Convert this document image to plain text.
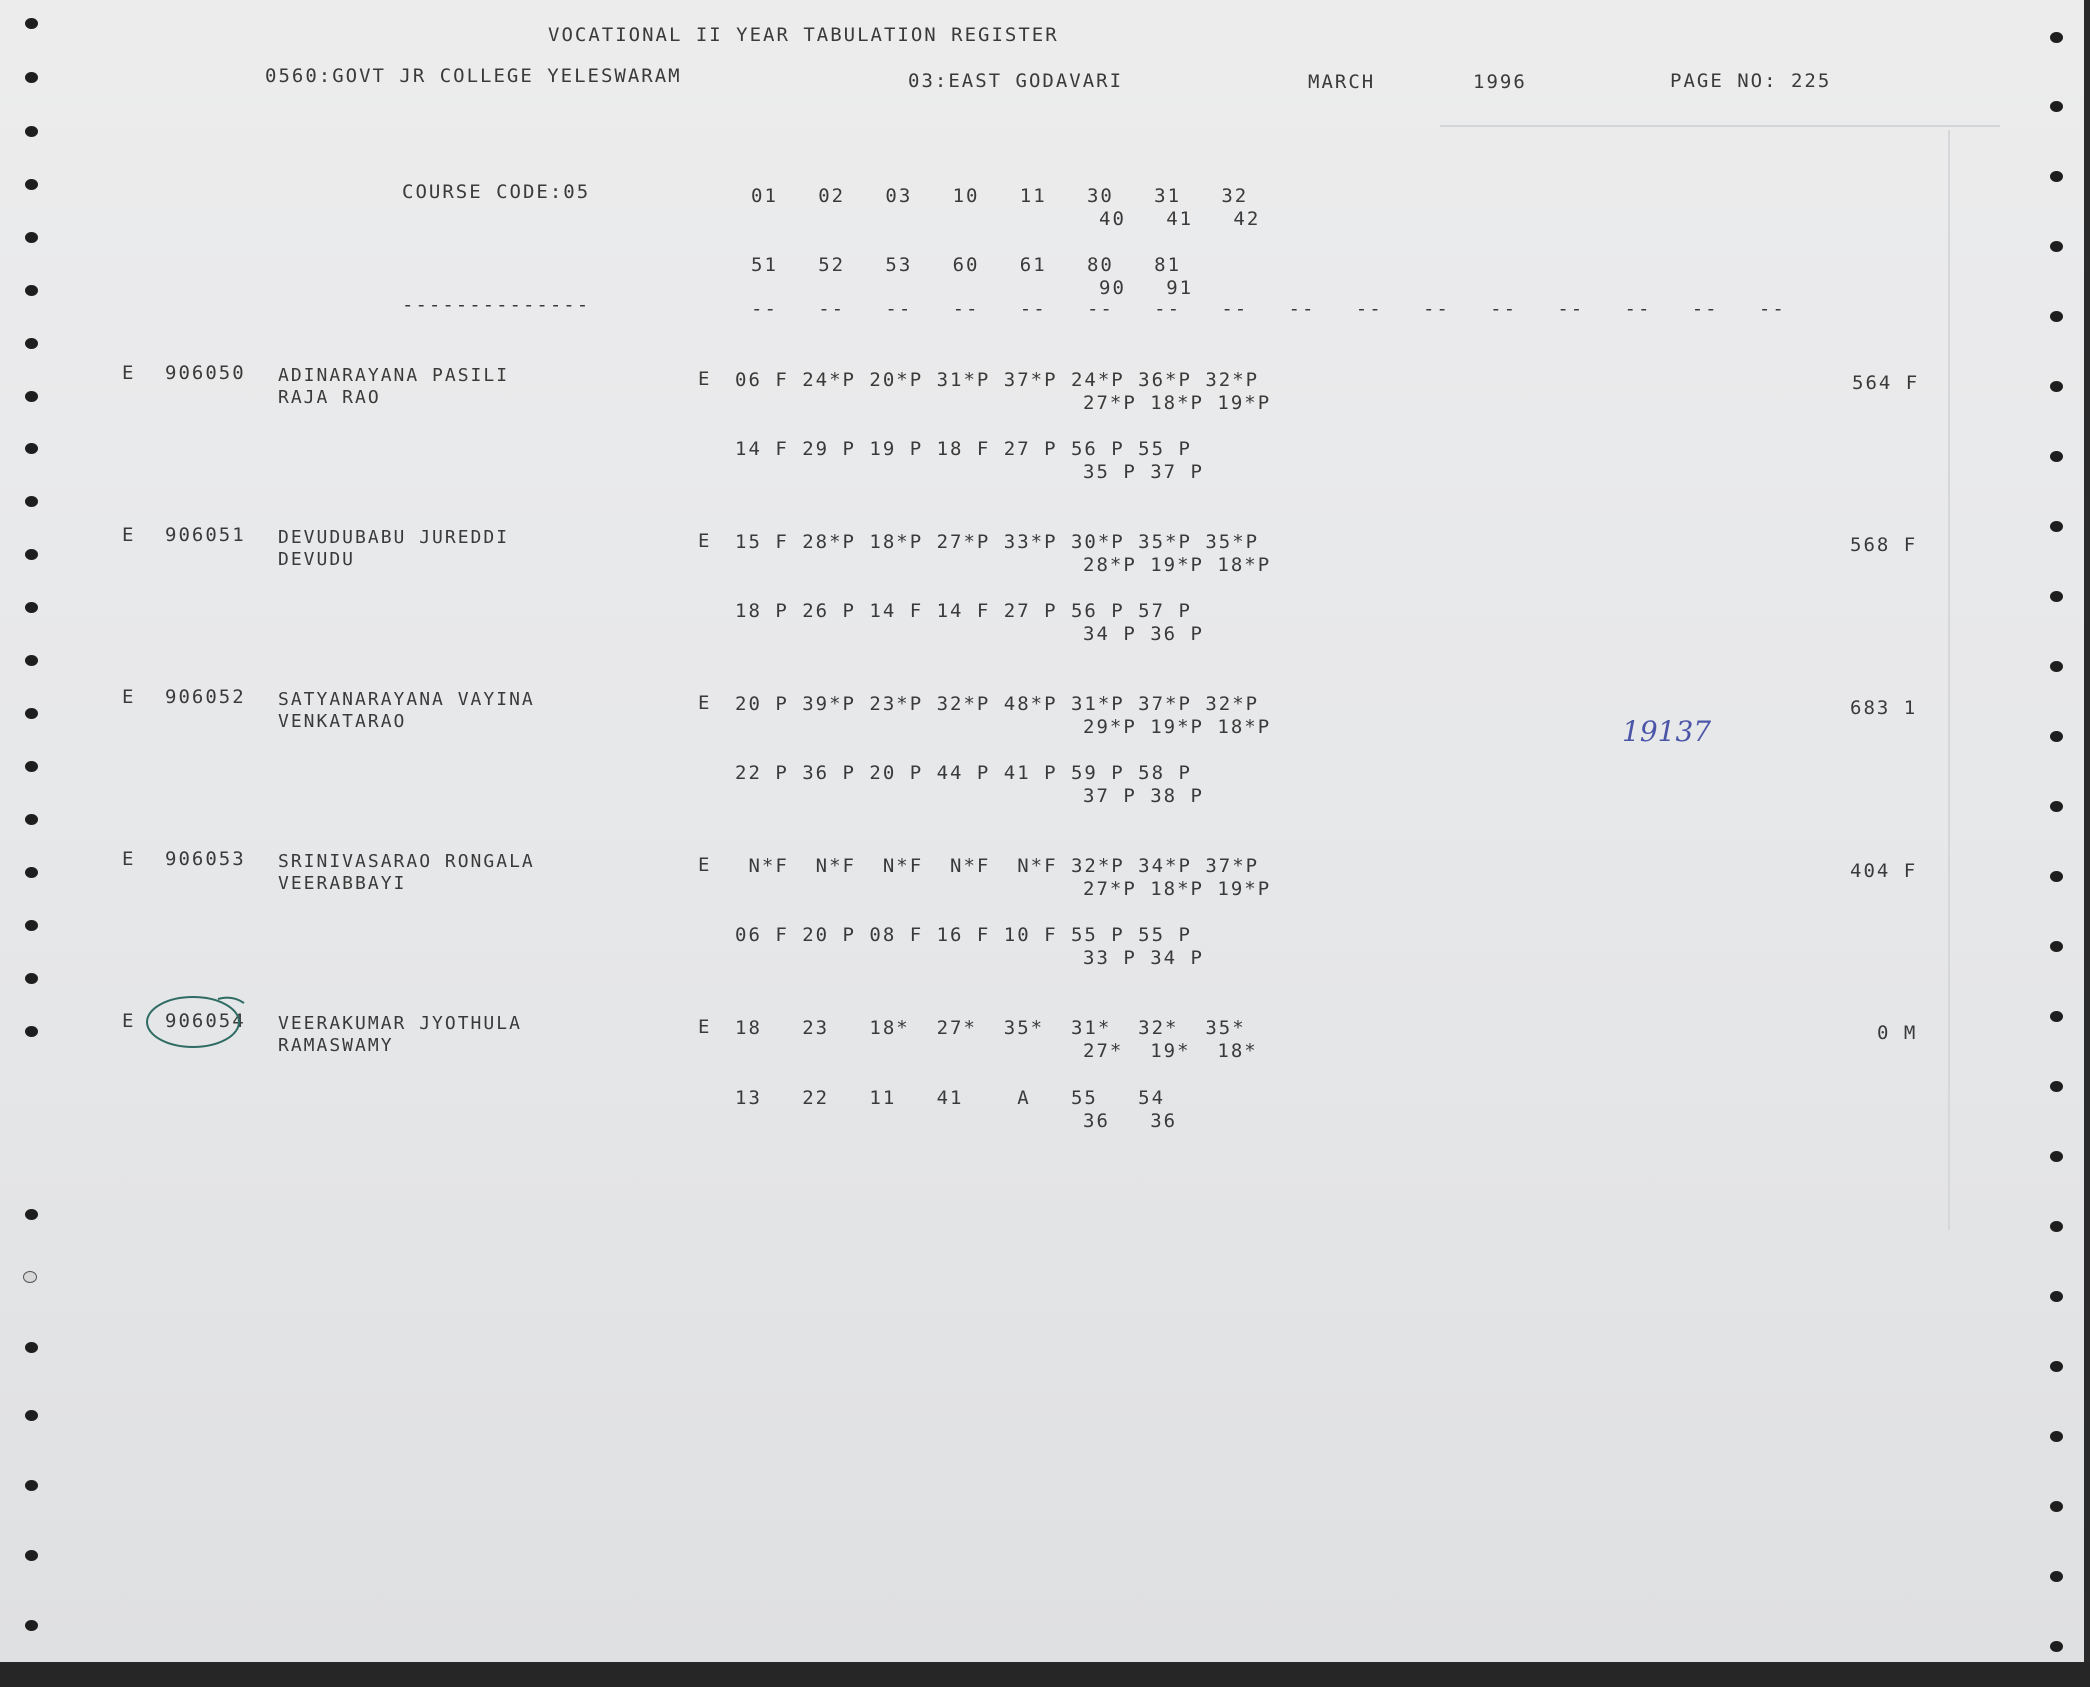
VOCATIONAL II YEAR TABULATION REGISTER
0560:GOVT JR COLLEGE YELESWARAM	03:EAST GODAVARI	MARCH	1996	PAGE NO: 225
COURSE CODE:05	01   02   03   10   11   30   31   32
40   41   42
51   52   53   60   61   80   81
90   91
--------------	--   --   --   --   --   --   --   --   --   --   --   --   --   --   --   --
E 906050 ADINARAYANA PASILI
RAJA RAO
E 06 F 24*P 20*P 31*P 37*P 24*P 36*P 32*P
27*P 18*P 19*P
14 F 29 P 19 P 18 F 27 P 56 P 55 P
35 P 37 P
564 F
E 906051 DEVUDUBABU JUREDDI
DEVUDU
E 15 F 28*P 18*P 27*P 33*P 30*P 35*P 35*P
28*P 19*P 18*P
18 P 26 P 14 F 14 F 27 P 56 P 57 P
34 P 36 P
568 F
E 906052 SATYANARAYANA VAYINA
VENKATARAO
E 20 P 39*P 23*P 32*P 48*P 31*P 37*P 32*P
29*P 19*P 18*P
22 P 36 P 20 P 44 P 41 P 59 P 58 P
37 P 38 P
683 1
19137
E 906053 SRINIVASARAO RONGALA
VEERABBAYI
E N*F  N*F  N*F  N*F  N*F 32*P 34*P 37*P
27*P 18*P 19*P
06 F 20 P 08 F 16 F 10 F 55 P 55 P
33 P 34 P
404 F
E 906054 VEERAKUMAR JYOTHULA
RAMASWAMY
E 18   23   18*  27*  35*  31*  32*  35*
27*  19*  18*
13   22   11   41    A   55   54
36   36
0 M
